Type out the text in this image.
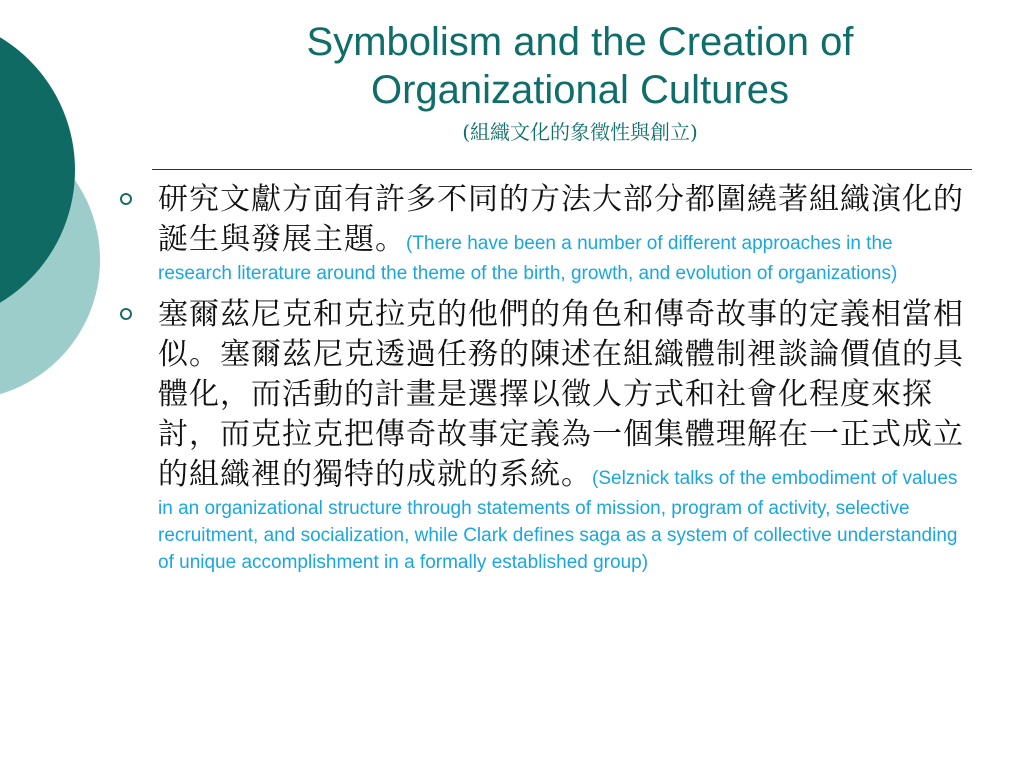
Symbolism and the Creation of
Organizational Cultures
(組織文化的象徵性與創立)
研究文獻方面有許多不同的方法大部分都圍繞著組織演化的誕生與發展主題。(There have been a number of different approaches in the research literature around the theme of the birth, growth, and evolution of organizations)
塞爾茲尼克和克拉克的他們的角色和傳奇故事的定義相當相似。塞爾茲尼克透過任務的陳述在組織體制裡談論價值的具體化，而活動的計畫是選擇以徵人方式和社會化程度來探討，而克拉克把傳奇故事定義為一個集體理解在一正式成立的組織裡的獨特的成就的系統。(Selznick talks of the embodiment of values in an organizational structure through statements of mission, program of activity, selective recruitment, and socialization, while Clark defines saga as a system of collective understanding of unique accomplishment in a formally established group)
